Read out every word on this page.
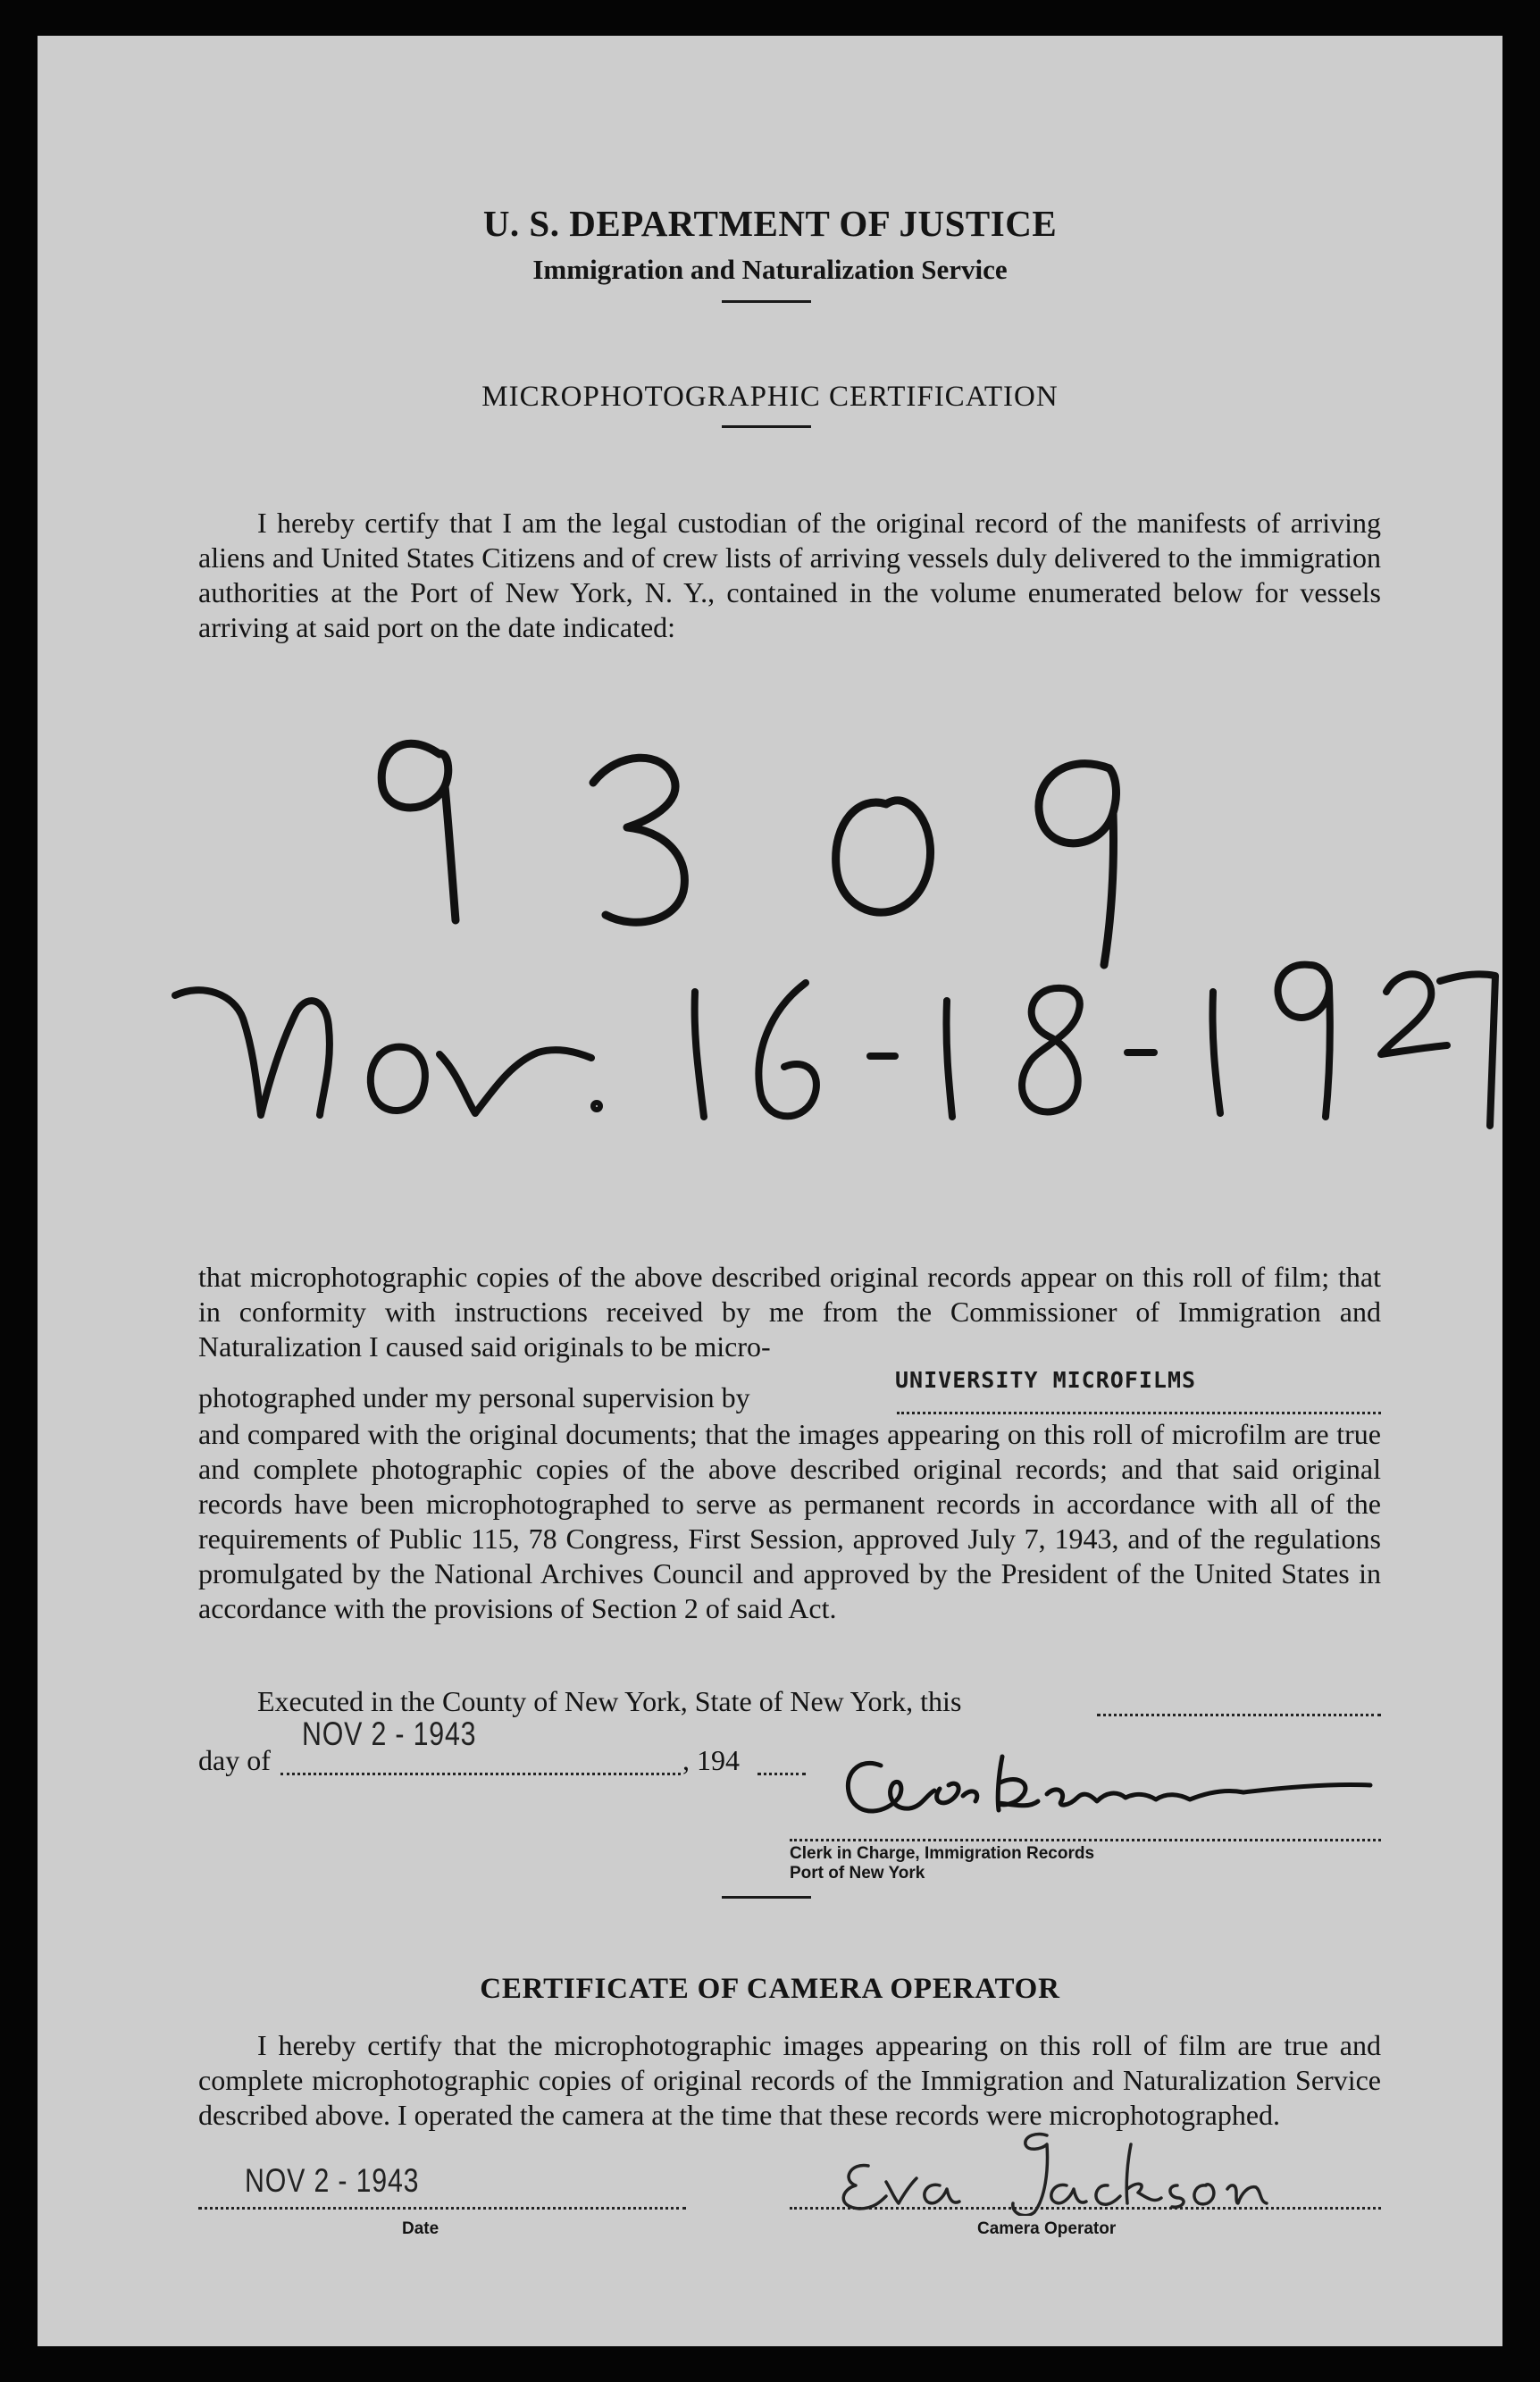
U. S. DEPARTMENT OF JUSTICE
Immigration and Naturalization Service
MICROPHOTOGRAPHIC CERTIFICATION
I hereby certify that I am the legal custodian of the original record of the manifests of arriving aliens and United States Citizens and of crew lists of arriving vessels duly delivered to the immigration authorities at the Port of New York, N. Y., contained in the volume enumerated below for vessels arriving at said port on the date indicated:
that microphotographic copies of the above described original records appear on this roll of film; that in conformity with instructions received by me from the Commissioner of Immigration and Naturalization I caused said originals to be micro-
photographed under my personal supervision by
UNIVERSITY MICROFILMS
and compared with the original documents; that the images appearing on this roll of microfilm are true and complete photographic copies of the above described original records; and that said original records have been microphotographed to serve as permanent records in accordance with all of the requirements of Public 115, 78 Congress, First Session, approved July 7, 1943, and of the regulations promulgated by the National Archives Council and approved by the President of the United States in accordance with the provisions of Section 2 of said Act.
Executed in the County of New York, State of New York, this
day of
NOV 2 - 1943
, 194
Clerk in Charge, Immigration Records
Port of New York
CERTIFICATE OF CAMERA OPERATOR
I hereby certify that the microphotographic images appearing on this roll of film are true and complete microphotographic copies of original records of the Immigration and Naturalization Service described above. I operated the camera at the time that these records were microphotographed.
NOV 2 - 1943
Date	Camera Operator
